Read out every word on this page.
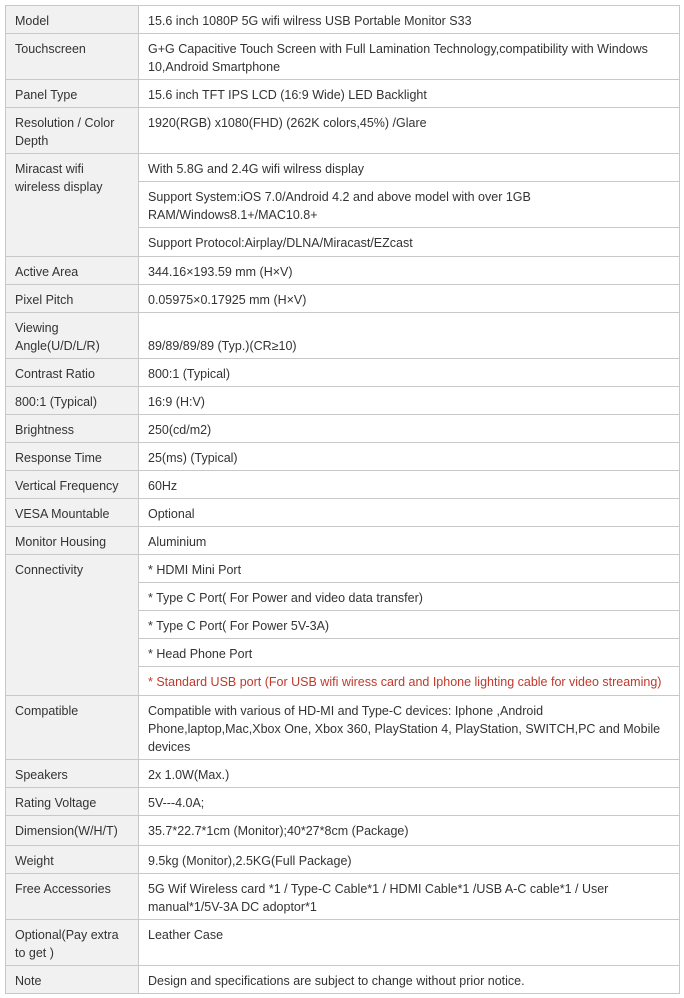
Model	15.6 inch 1080P 5G wifi wilress USB Portable Monitor S33
Touchscreen	G+G Capacitive Touch Screen with Full Lamination Technology,compatibility with Windows 10,Android Smartphone
Panel Type	15.6 inch TFT IPS LCD (16:9 Wide) LED Backlight
Resolution / Color Depth	1920(RGB) x1080(FHD) (262K colors,45%) /Glare
Miracast wifi wireless display	With 5.8G and 2.4G wifi wilress display
Support System:iOS 7.0/Android 4.2 and above model with over 1GB RAM/Windows8.1+/MAC10.8+
Support Protocol:Airplay/DLNA/Miracast/EZcast

Active Area	344.16×193.59 mm (H×V)
Pixel Pitch	0.05975×0.17925 mm (H×V)
Viewing Angle(U/D/L/R)	89/89/89/89 (Typ.)(CR≥10)
Contrast Ratio	800:1 (Typical)
800:1 (Typical)	16:9 (H:V)
Brightness	250(cd/m2)
Response Time	25(ms) (Typical)
Vertical Frequency	60Hz
VESA Mountable	Optional
Monitor Housing	Aluminium
Connectivity	* HDMI Mini Port
* Type C Port( For Power and video data transfer)
* Type C Port( For Power 5V-3A)
* Head Phone Port
* Standard USB port (For USB wifi wiress card and Iphone lighting cable for video streaming)

Compatible	Compatible with various of HD-MI and Type-C devices: Iphone ,Android Phone,laptop,Mac,Xbox One, Xbox 360, PlayStation 4, PlayStation, SWITCH,PC and Mobile devices
Speakers	2x 1.0W(Max.)
Rating Voltage	5V---4.0A;
Dimension(W/H/T)	35.7*22.7*1cm (Monitor);40*27*8cm (Package)
Weight	9.5kg (Monitor),2.5KG(Full Package)
Free Accessories	5G Wif Wireless card *1 / Type-C Cable*1 / HDMI Cable*1 /USB A-C cable*1 / User manual*1/5V-3A DC adoptor*1
Optional(Pay extra to get )	Leather Case
Note	Design and specifications are subject to change without prior notice.
